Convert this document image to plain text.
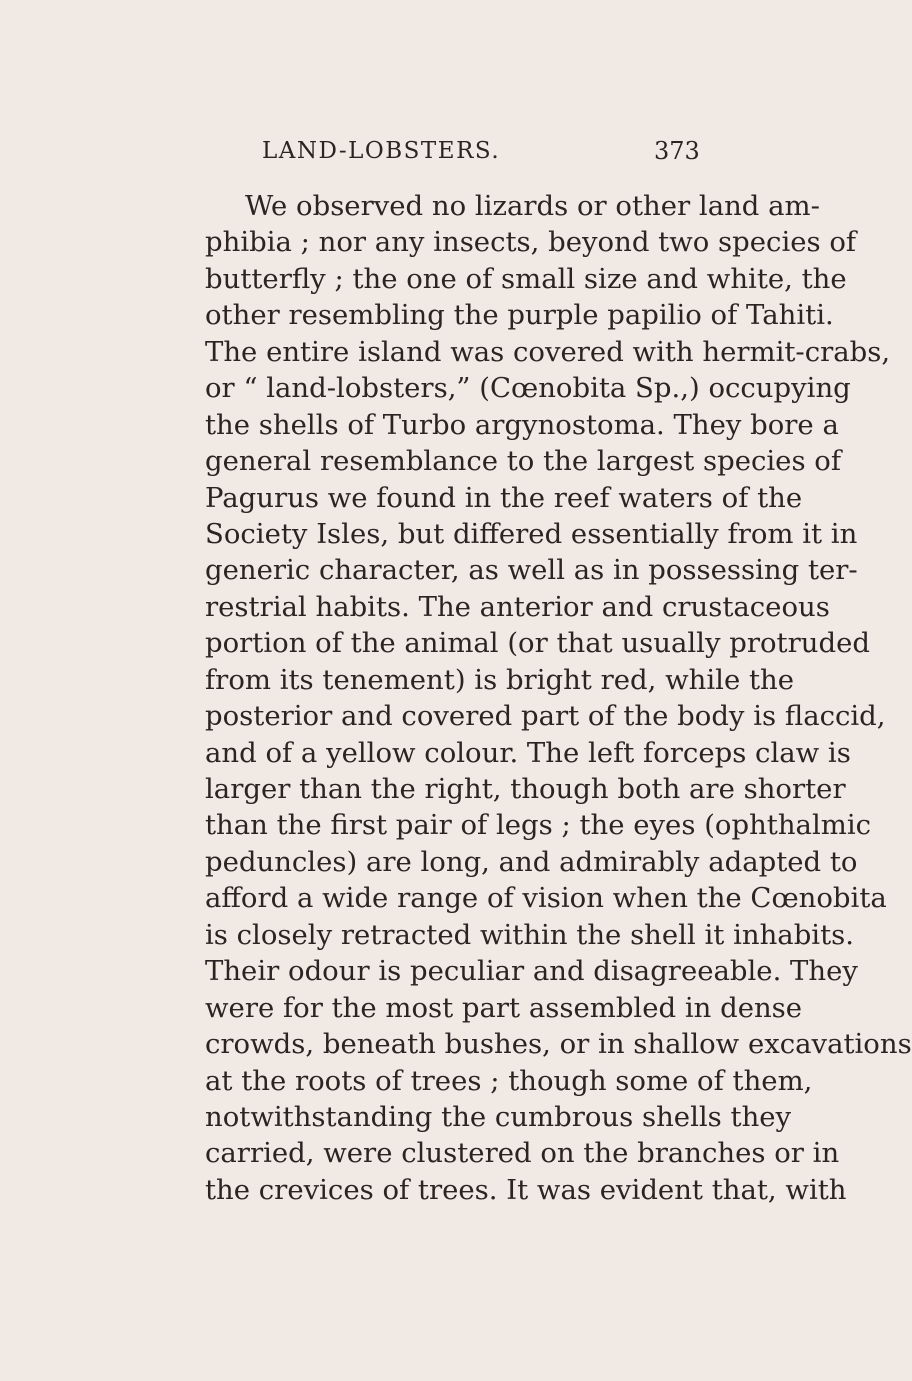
LAND-LOBSTERS.	373
We observed no lizards or other land am-
phibia ; nor any insects, beyond two species of
butterfly ; the one of small size and white, the
other resembling the purple papilio of Tahiti.
The entire island was covered with hermit-crabs,
or “ land-lobsters,” (Cœnobita Sp.,) occupying
the shells of Turbo argynostoma. They bore a
general resemblance to the largest species of
Pagurus we found in the reef waters of the
Society Isles, but differed essentially from it in
generic character, as well as in possessing ter-
restrial habits. The anterior and crustaceous
portion of the animal (or that usually protruded
from its tenement) is bright red, while the
posterior and covered part of the body is flaccid,
and of a yellow colour. The left forceps claw is
larger than the right, though both are shorter
than the first pair of legs ; the eyes (ophthalmic
peduncles) are long, and admirably adapted to
afford a wide range of vision when the Cœnobita
is closely retracted within the shell it inhabits.
Their odour is peculiar and disagreeable. They
were for the most part assembled in dense
crowds, beneath bushes, or in shallow excavations
at the roots of trees ; though some of them,
notwithstanding the cumbrous shells they
carried, were clustered on the branches or in
the crevices of trees. It was evident that, with
